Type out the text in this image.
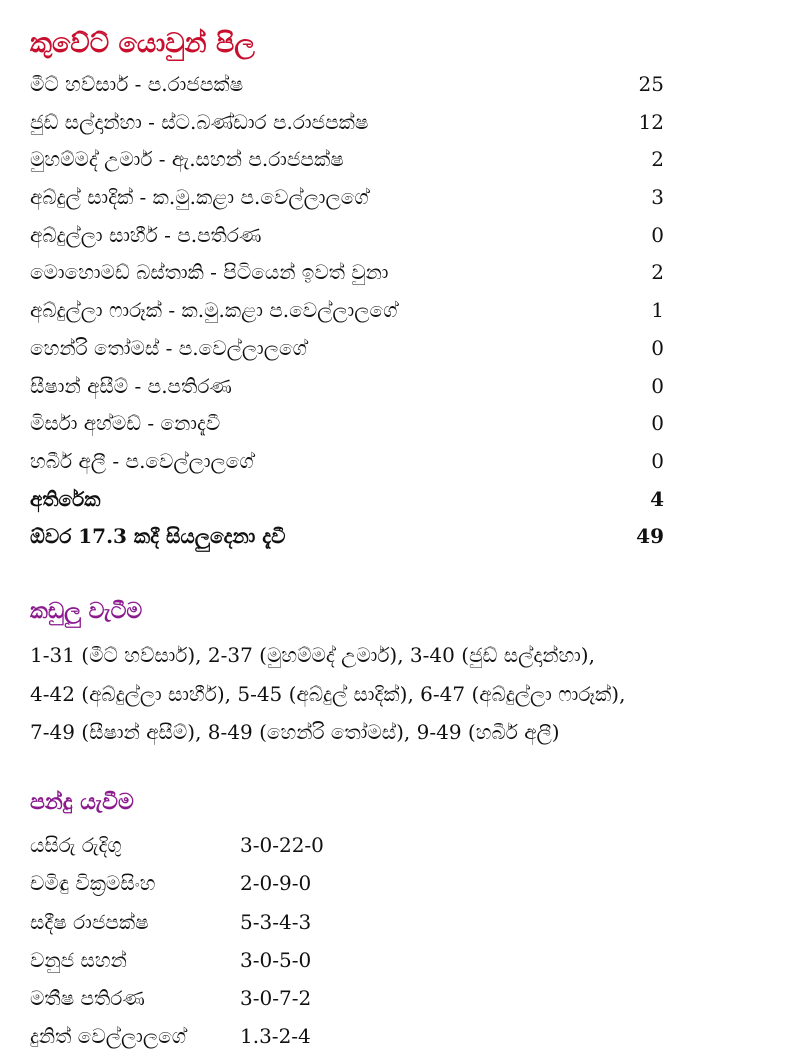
කුවේට් යොවුන් පිල
මීට් හව්සාර් - ප.රාජපක්ෂ	25
ජුඩ් සල්දාන්හා - ස්ට.බණ්ඩාර ප.රාජපක්ෂ	12
මුහම්මද් උමාර් - ඇ.සහන් ප.රාජපක්ෂ	2
අබ්දුල් සාදික් - ක.මු.කළා ප.වෙල්ලාලගේ	3
අබ්දුල්ලා සාහීර් - ප.පතිරණ	0
මොහොමඩ් බස්තාකි - පිටියෙන් ඉවත් වුනා	2
අබ්දුල්ලා ෆාරූක් - ක.මු.කළා ප.වෙල්ලාලගේ	1
හෙන්රි තෝමස් - ප.වෙල්ලාලගේ	0
සීෂාන් අසීම් - ප.පතිරණ	0
මිර්සා අහ්මඩ් - නොදැවී	0
හබීර් අලී - ප.වෙල්ලාලගේ	0
අතිරේක	4
ඕවර 17.3 කදී සියලුදෙනා දැවී	49
කඩුලු වැටීම
1-31 (මීට් හව්සාර්), 2-37 (මුහම්මද් උමාර්), 3-40 (ජුඩ් සල්දාන්හා),
4-42 (අබ්දුල්ලා සාහීර්), 5-45 (අබ්දුල් සාදික්), 6-47 (අබ්දුල්ලා ෆාරූක්),
7-49 (සීෂාන් අසීම්), 8-49 (හෙන්රි තෝමස්), 9-49 (හබීර් අලී)
පන්දු යැවීම
යසිරු රුදිගු	3-0-22-0
චමිඳු වික්‍රමසිංහ	2-0-9-0
සදීෂ රාජපක්ෂ	5-3-4-3
වනුජ සහන්	3-0-5-0
මතීෂ පතිරණ	3-0-7-2
දුනිත් වෙල්ලාලගේ	1.3-2-4
